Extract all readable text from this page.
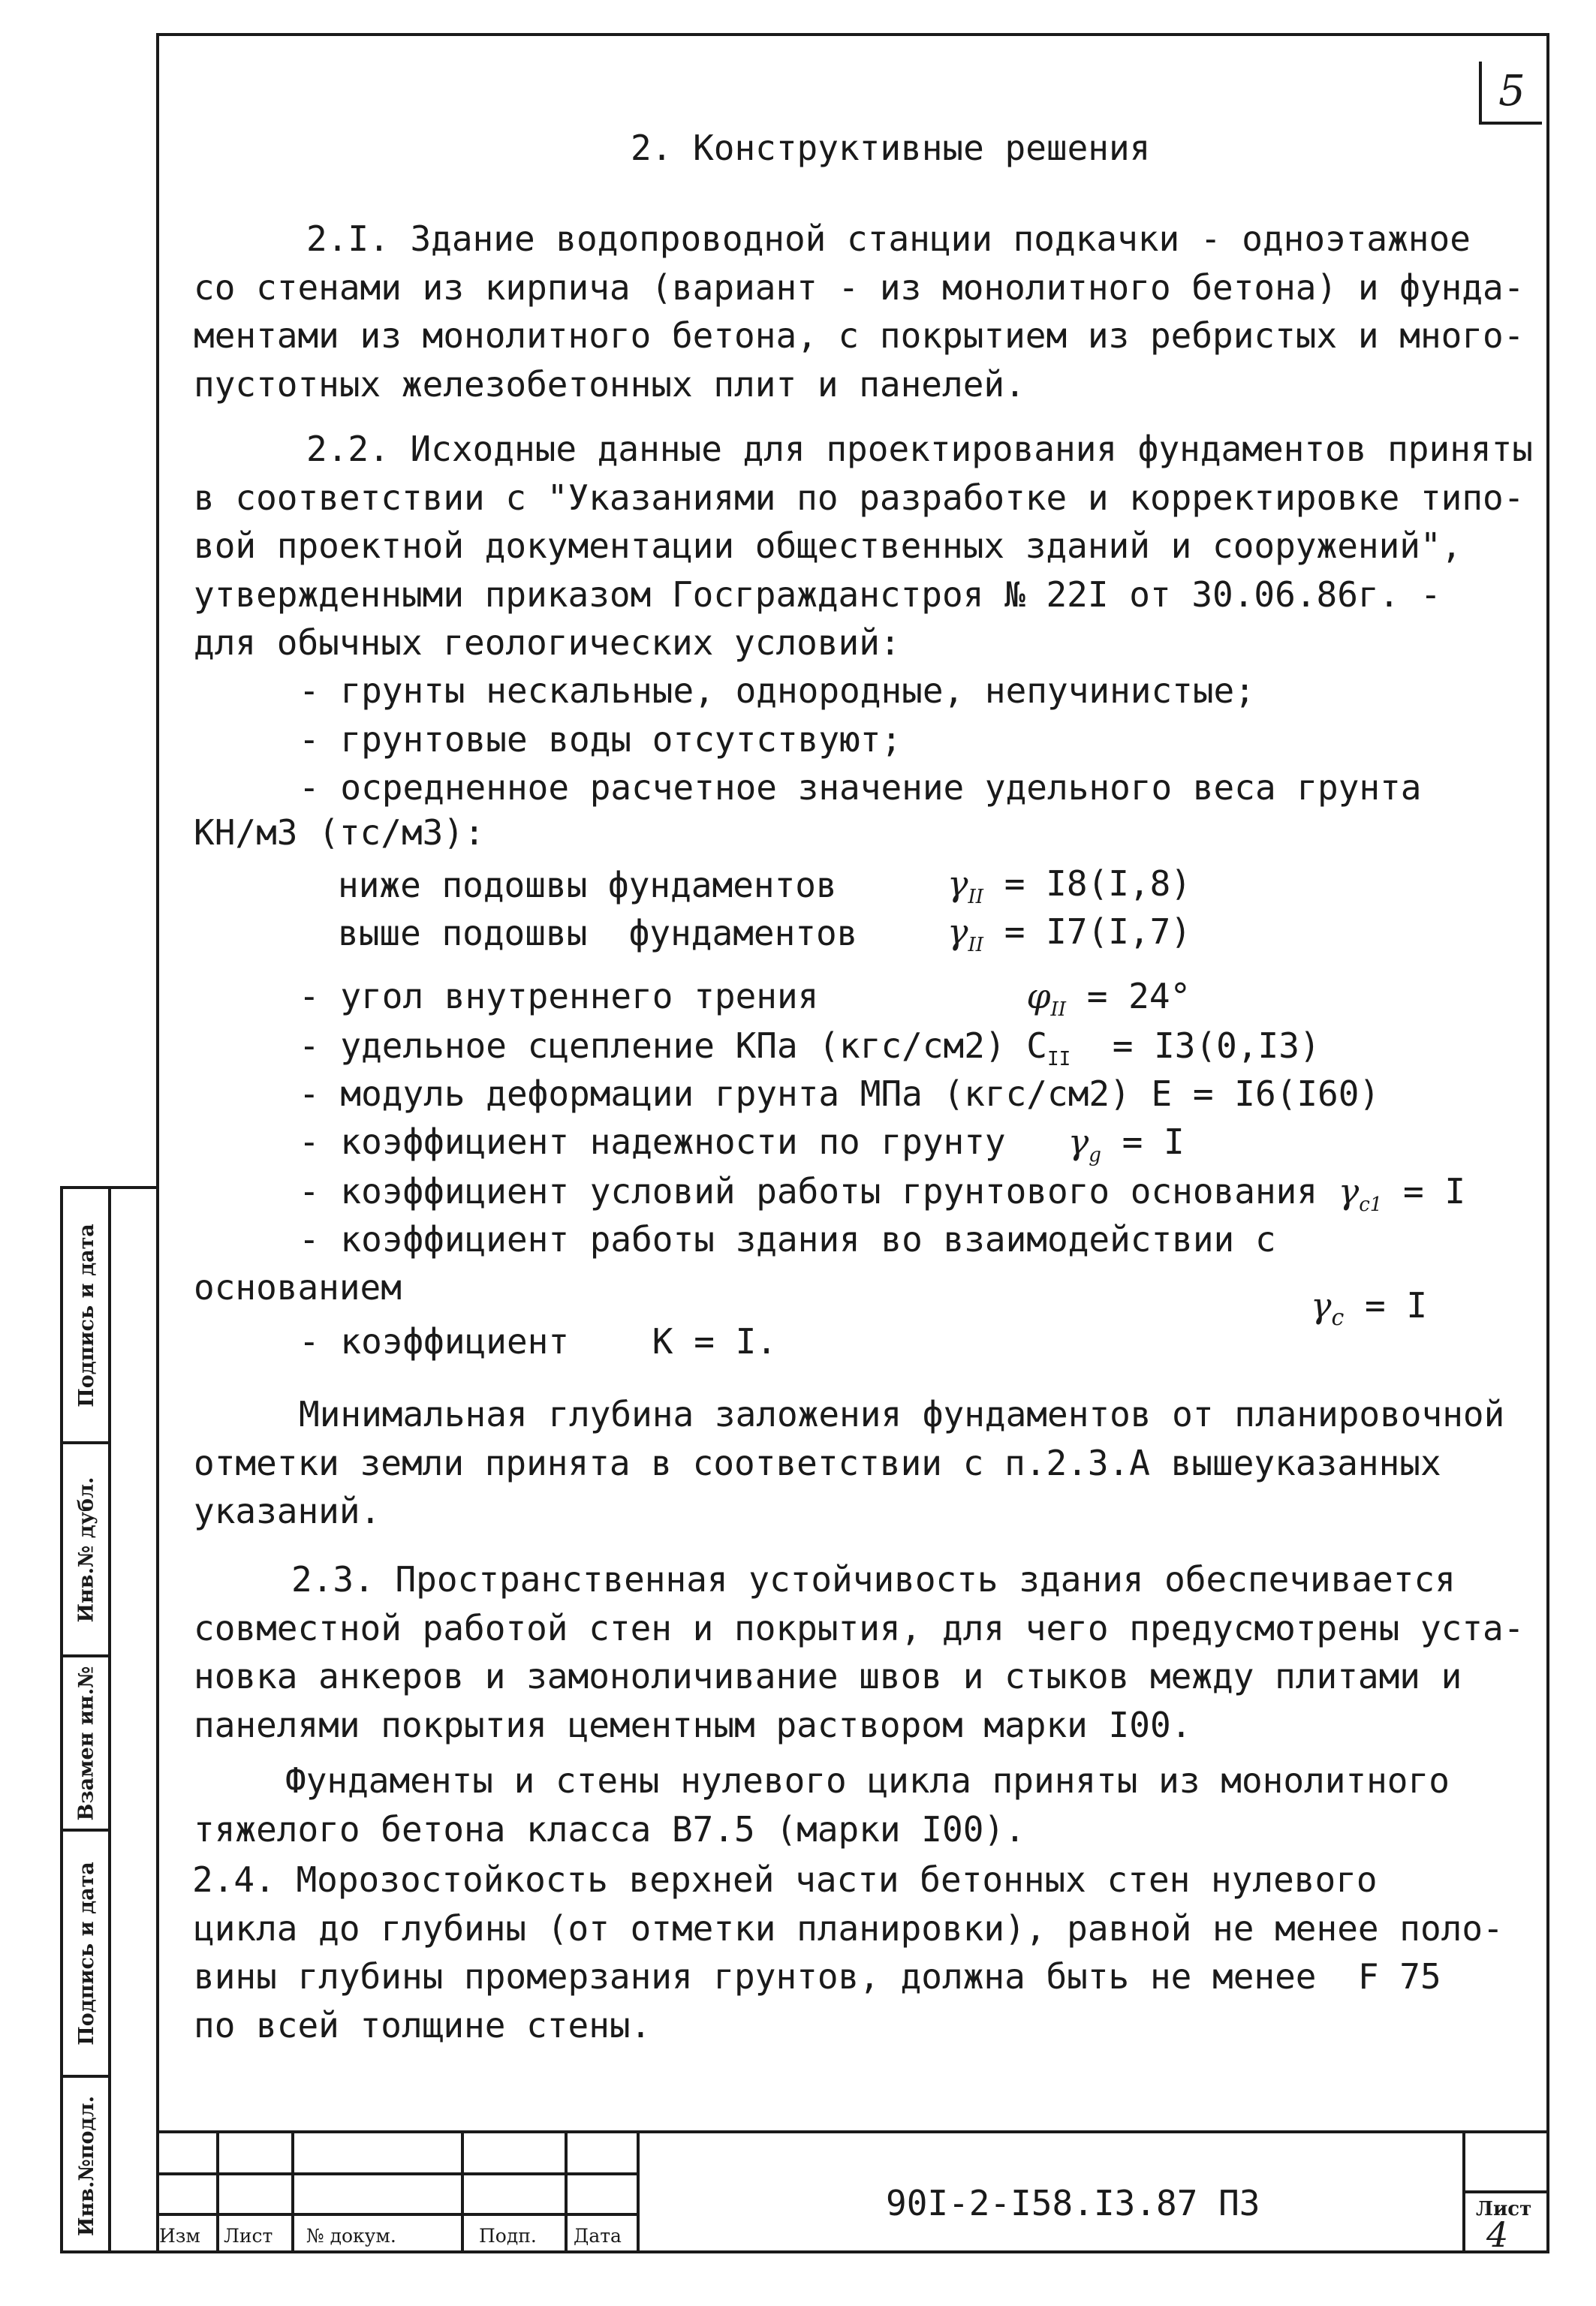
5
2. Конструктивные решения
2.I. Здание водопроводной станции подкачки - одноэтажное
со стенами из кирпича (вариант - из монолитного бетона) и фунда-
ментами из монолитного бетона, с покрытием из ребристых и много-
пустотных железобетонных плит и панелей.
2.2. Исходные данные для проектирования фундаментов приняты
в соответствии с "Указаниями по разработке и корректировке типо-
вой проектной документации общественных зданий и сооружений",
утвержденными приказом Госгражданстроя № 22I от 30.06.86г. -
для обычных геологических условий:
- грунты нескальные, однородные, непучинистые;
- грунтовые воды отсутствуют;
- осредненное расчетное значение удельного веса грунта
КН/м3 (тс/м3):
ниже подошвы фундаментов	$\gamma_{II} = I8(I,8)$
выше подошвы  фундаментов	$\gamma_{II} = I7(I,7)$
- угол внутреннего трения	$\varphi_{II} = 24^\circ$
- удельное сцепление КПа (кгс/см2) $C_{II} = I3(0,I3)$
- модуль деформации грунта МПа (кгс/см2) E = I6(I60)
- коэффициент надежности по грунту $\gamma_g = I$
- коэффициент условий работы грунтового основания $\gamma_{c1} = I$
- коэффициент работы здания во взаимодействии с
основанием	$\gamma_c = I$
- коэффициент    К = I.
Минимальная глубина заложения фундаментов от планировочной
отметки земли принята в соответствии с п.2.3.А вышеуказанных
указаний.
2.3. Пространственная устойчивость здания обеспечивается
совместной работой стен и покрытия, для чего предусмотрены уста-
новка анкеров и замоноличивание швов и стыков между плитами и
панелями покрытия цементным раствором марки I00.
Фундаменты и стены нулевого цикла приняты из монолитного
тяжелого бетона класса В7.5 (марки I00).
2.4. Морозостойкость верхней части бетонных стен нулевого
цикла до глубины (от отметки планировки), равной не менее поло-
вины глубины промерзания грунтов, должна быть не менее  F 75
по всей толщине стены.
Подпись и дата
Инв.№ дубл.
Взамен ин.№
Подпись и дата
Инв.№подл.
Изм Лист № докум.	Подп. Дата
90I-2-I58.I3.87 ПЗ	Лист
4
